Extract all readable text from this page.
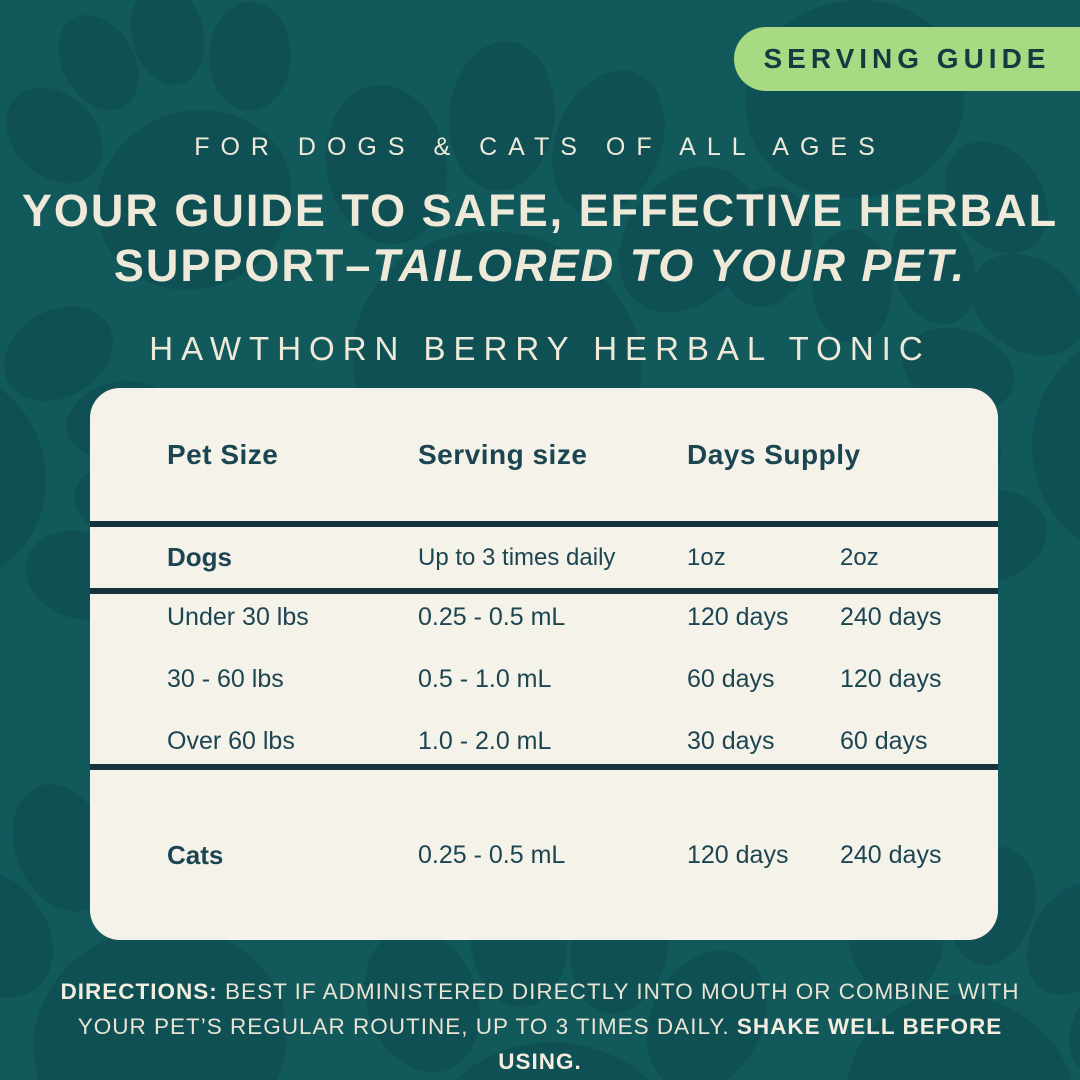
SERVING GUIDE
FOR DOGS & CATS OF ALL AGES
YOUR GUIDE TO SAFE, EFFECTIVE HERBAL
SUPPORT–TAILORED TO YOUR PET.
HAWTHORN BERRY HERBAL TONIC
Pet Size	Serving size	Days Supply
Dogs	Up to 3 times daily	1oz	2oz
Under 30 lbs	0.25 - 0.5 mL	120 days	240 days
30 - 60 lbs	0.5 - 1.0 mL	60 days	120 days
Over 60 lbs	1.0 - 2.0 mL	30 days	60 days
Cats	0.25 - 0.5 mL	120 days	240 days
DIRECTIONS: BEST IF ADMINISTERED DIRECTLY INTO MOUTH OR COMBINE WITH YOUR PET’S REGULAR ROUTINE, UP TO 3 TIMES DAILY. SHAKE WELL BEFORE USING.
